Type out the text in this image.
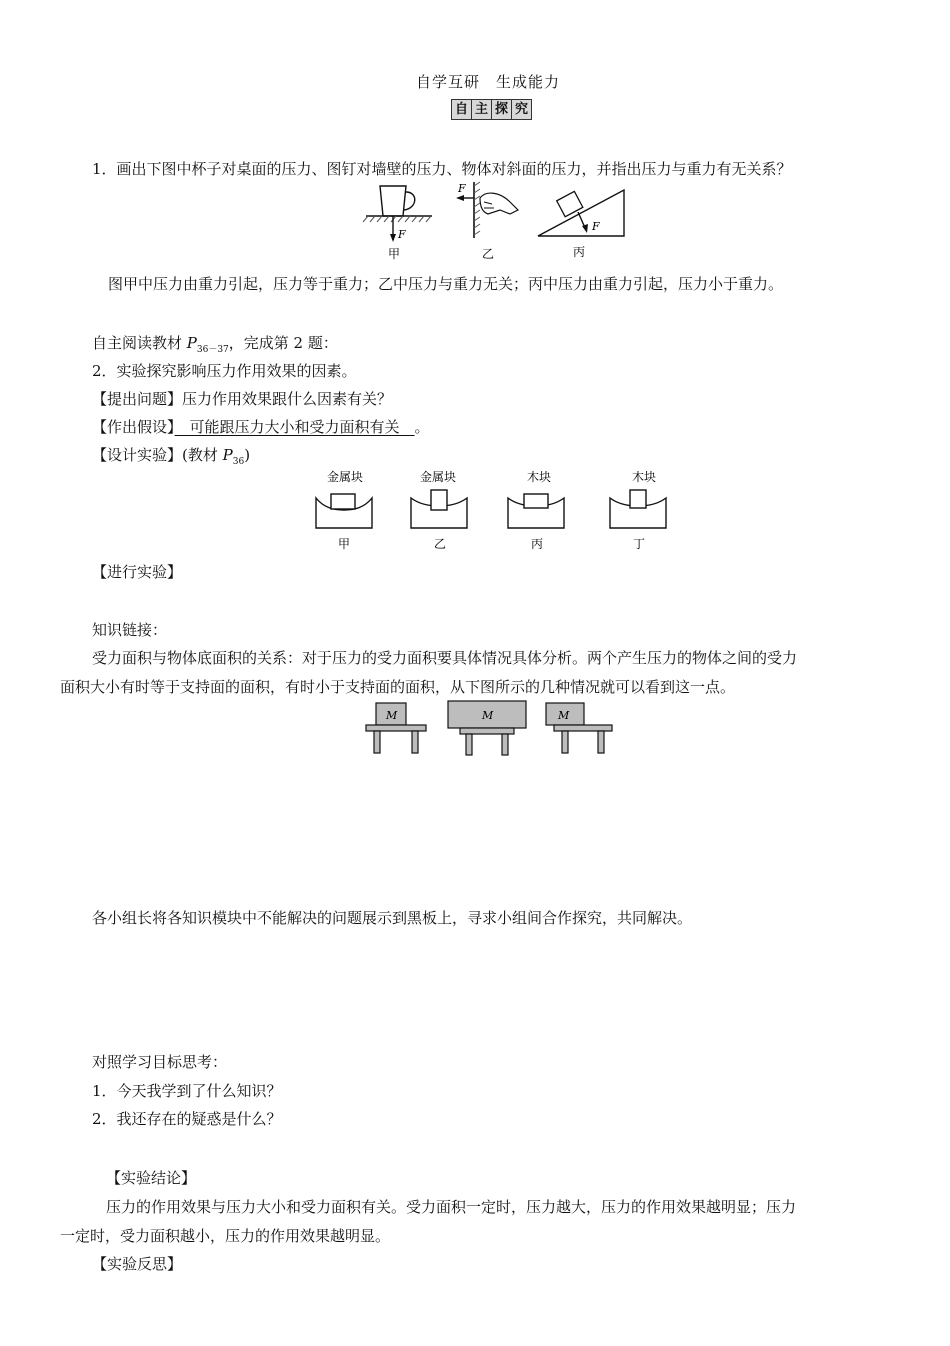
自学互研　生成能力
自 主 探 究
1．画出下图中杯子对桌面的压力、图钉对墙壁的压力、物体对斜面的压力，并指出压力与重力有无关系？
F
甲
F
乙
F
丙
图甲中压力由重力引起，压力等于重力；乙中压力与重力无关；丙中压力由重力引起，压力小于重力。
自主阅读教材 $P_{36-37}$，完成第 2 题：
2．实验探究影响压力作用效果的因素。
【提出问题】压力作用效果跟什么因素有关？
【作出假设】　可能跟压力大小和受力面积有关　。
【设计实验】(教材 $P_{36}$)
金属块
甲
金属块
乙
木块
丙
木块
丁
【进行实验】
知识链接：
受力面积与物体底面积的关系：对于压力的受力面积要具体情况具体分析。两个产生压力的物体之间的受力
面积大小有时等于支持面的面积，有时小于支持面的面积，从下图所示的几种情况就可以看到这一点。
M	M	M
各小组长将各知识模块中不能解决的问题展示到黑板上，寻求小组间合作探究，共同解决。
对照学习目标思考：
1．今天我学到了什么知识？
2．我还存在的疑惑是什么？
【实验结论】
压力的作用效果与压力大小和受力面积有关。受力面积一定时，压力越大，压力的作用效果越明显；压力
一定时，受力面积越小，压力的作用效果越明显。
【实验反思】
